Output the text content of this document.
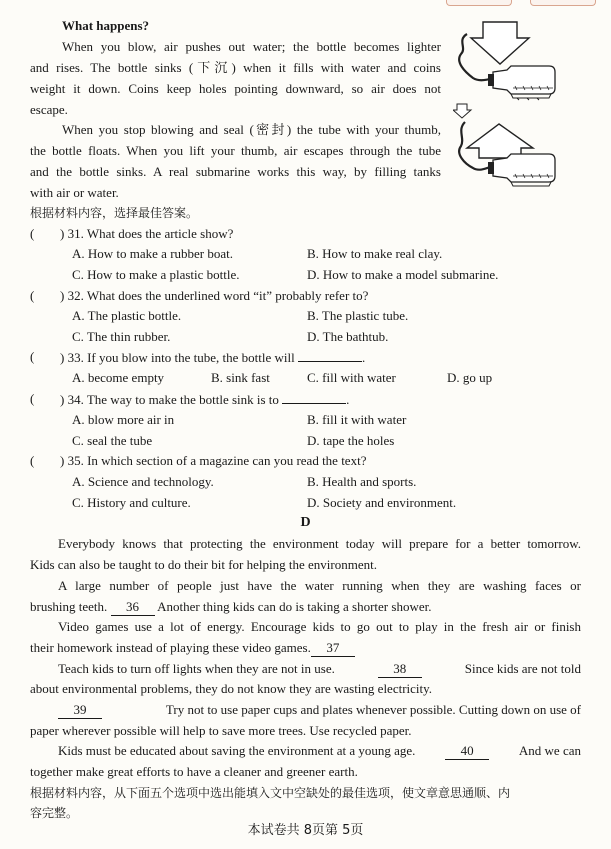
What happens?
When you blow, air pushes out water; the bottle becomes lighter
and rises. The bottle sinks (下沉) when it fills with water and coins
weight it down. Coins keep holes pointing downward, so air does not
escape.
When you stop blowing and seal (密封) the tube with your thumb,
the bottle floats. When you lift your thumb, air escapes through the tube
and the bottle sinks. A real submarine works this way, by filling tanks
with air or water.
根据材料内容，选择最佳答案。
( ) 31. What does the article show?
A. How to make a rubber boat.	B. How to make real clay.
C. How to make a plastic bottle.	D. How to make a model submarine.
( ) 32. What does the underlined word “it” probably refer to?
A. The plastic bottle.	B. The plastic tube.
C. The thin rubber.	D. The bathtub.
( ) 33. If you blow into the tube, the bottle will	.
A. become empty	B. sink fast	C. fill with water	D. go up
( ) 34. The way to make the bottle sink is to	.
A. blow more air in	B. fill it with water
C. seal the tube	D. tape the holes
( ) 35. In which section of a magazine can you read the text?
A. Science and technology.	B. Health and sports.
C. History and culture.	D. Society and environment.
D
Everybody knows that protecting the environment today will prepare for a better tomorrow.
Kids can also be taught to do their bit for helping the environment.
A large number of people just have the water running when they are washing faces or
brushing teeth. 36 Another thing kids can do is taking a shorter shower.
Video games use a lot of energy. Encourage kids to go out to play in the fresh air or finish
their homework instead of playing these video games. 37
Teach kids to turn off lights when they are not in use.	38	Since kids are not told
about environmental problems, they do not know they are wasting electricity.
39	Try not to use paper cups and plates whenever possible. Cutting down on use of
paper wherever possible will help to save more trees. Use recycled paper.
Kids must be educated about saving the environment at a young age.	40	And we can
together make great efforts to have a cleaner and greener earth.
根据材料内容，从下面五个选项中选出能填入文中空缺处的最佳选项，使文章意思通顺、内
容完整。
本试卷共 8页第 5页
